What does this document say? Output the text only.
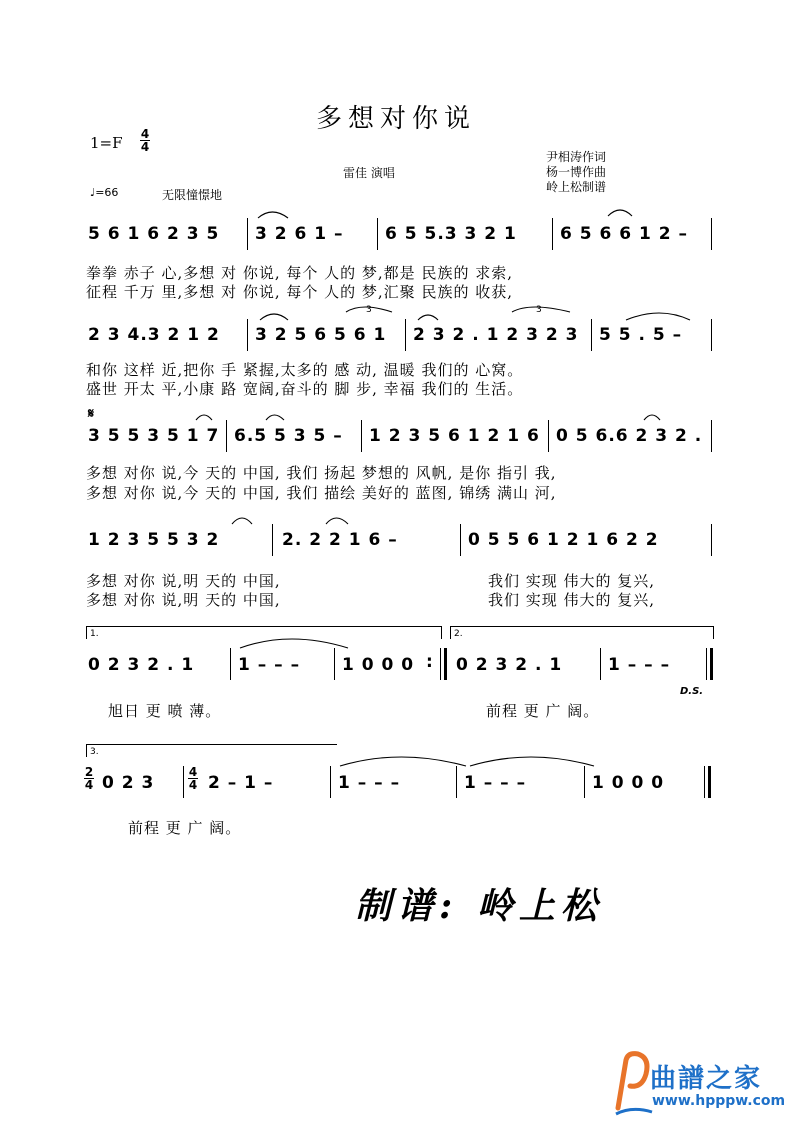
多想对你说
1=F 4
4
雷佳 演唱
尹相涛作词
杨一博作曲
岭上松制谱
♩=66	无限憧憬地
5 6 1 6 2 3 5 3 2 6 1 – 6 5 5.3 3 2 1	6 5 6 6 1 2 –
拳拳 赤子 心,多想 对 你说, 每个 人的 梦,都是 民族的 求索,
征程 千万 里,多想 对 你说, 每个 人的 梦,汇聚 民族的 收获,
2 3 4.3 2 1 2 3 2 5 6 5 6 1 2 3 2 . 1 2 3 2 3 5 5 . 5 –
和你 这样 近,把你 手 紧握,太多的 感 动, 温暖 我们的 心窝。
盛世 开太 平,小康 路 宽阔,奋斗的 脚 步, 幸福 我们的 生活。
𝄋
3 5 5 3 5 1 7 6.5 5 3 5 – 1 2 3 5 6 1 2 1 6 0 5 6.6 2 3 2 .
多想 对你 说,今 天的 中国, 我们 扬起 梦想的 风帆, 是你 指引 我,
多想 对你 说,今 天的 中国, 我们 描绘 美好的 蓝图, 锦绣 满山 河,
1 2 3 5 5 3 2	2. 2 2 1 6 –	0 5 5 6 1 2 1 6 2 2
多想 对你 说,明 天的 中国,
多想 对你 说,明 天的 中国,
我们 实现 伟大的 复兴,
我们 实现 伟大的 复兴,
1.
0 2 3 2 . 1	1 – – – 1 0 0 0 :
旭日 更 喷 薄。
2.
0 2 3 2 . 1	1 – – –
D.S.
前程 更 广 阔。
3.
2
4 0 2 3
4
4 2 – 1 –	1 – – –	1 – – –	1 0 0 0
前程 更 广 阔。
3	3
制谱: 岭上松
曲譜之家
www.hpppw.com
